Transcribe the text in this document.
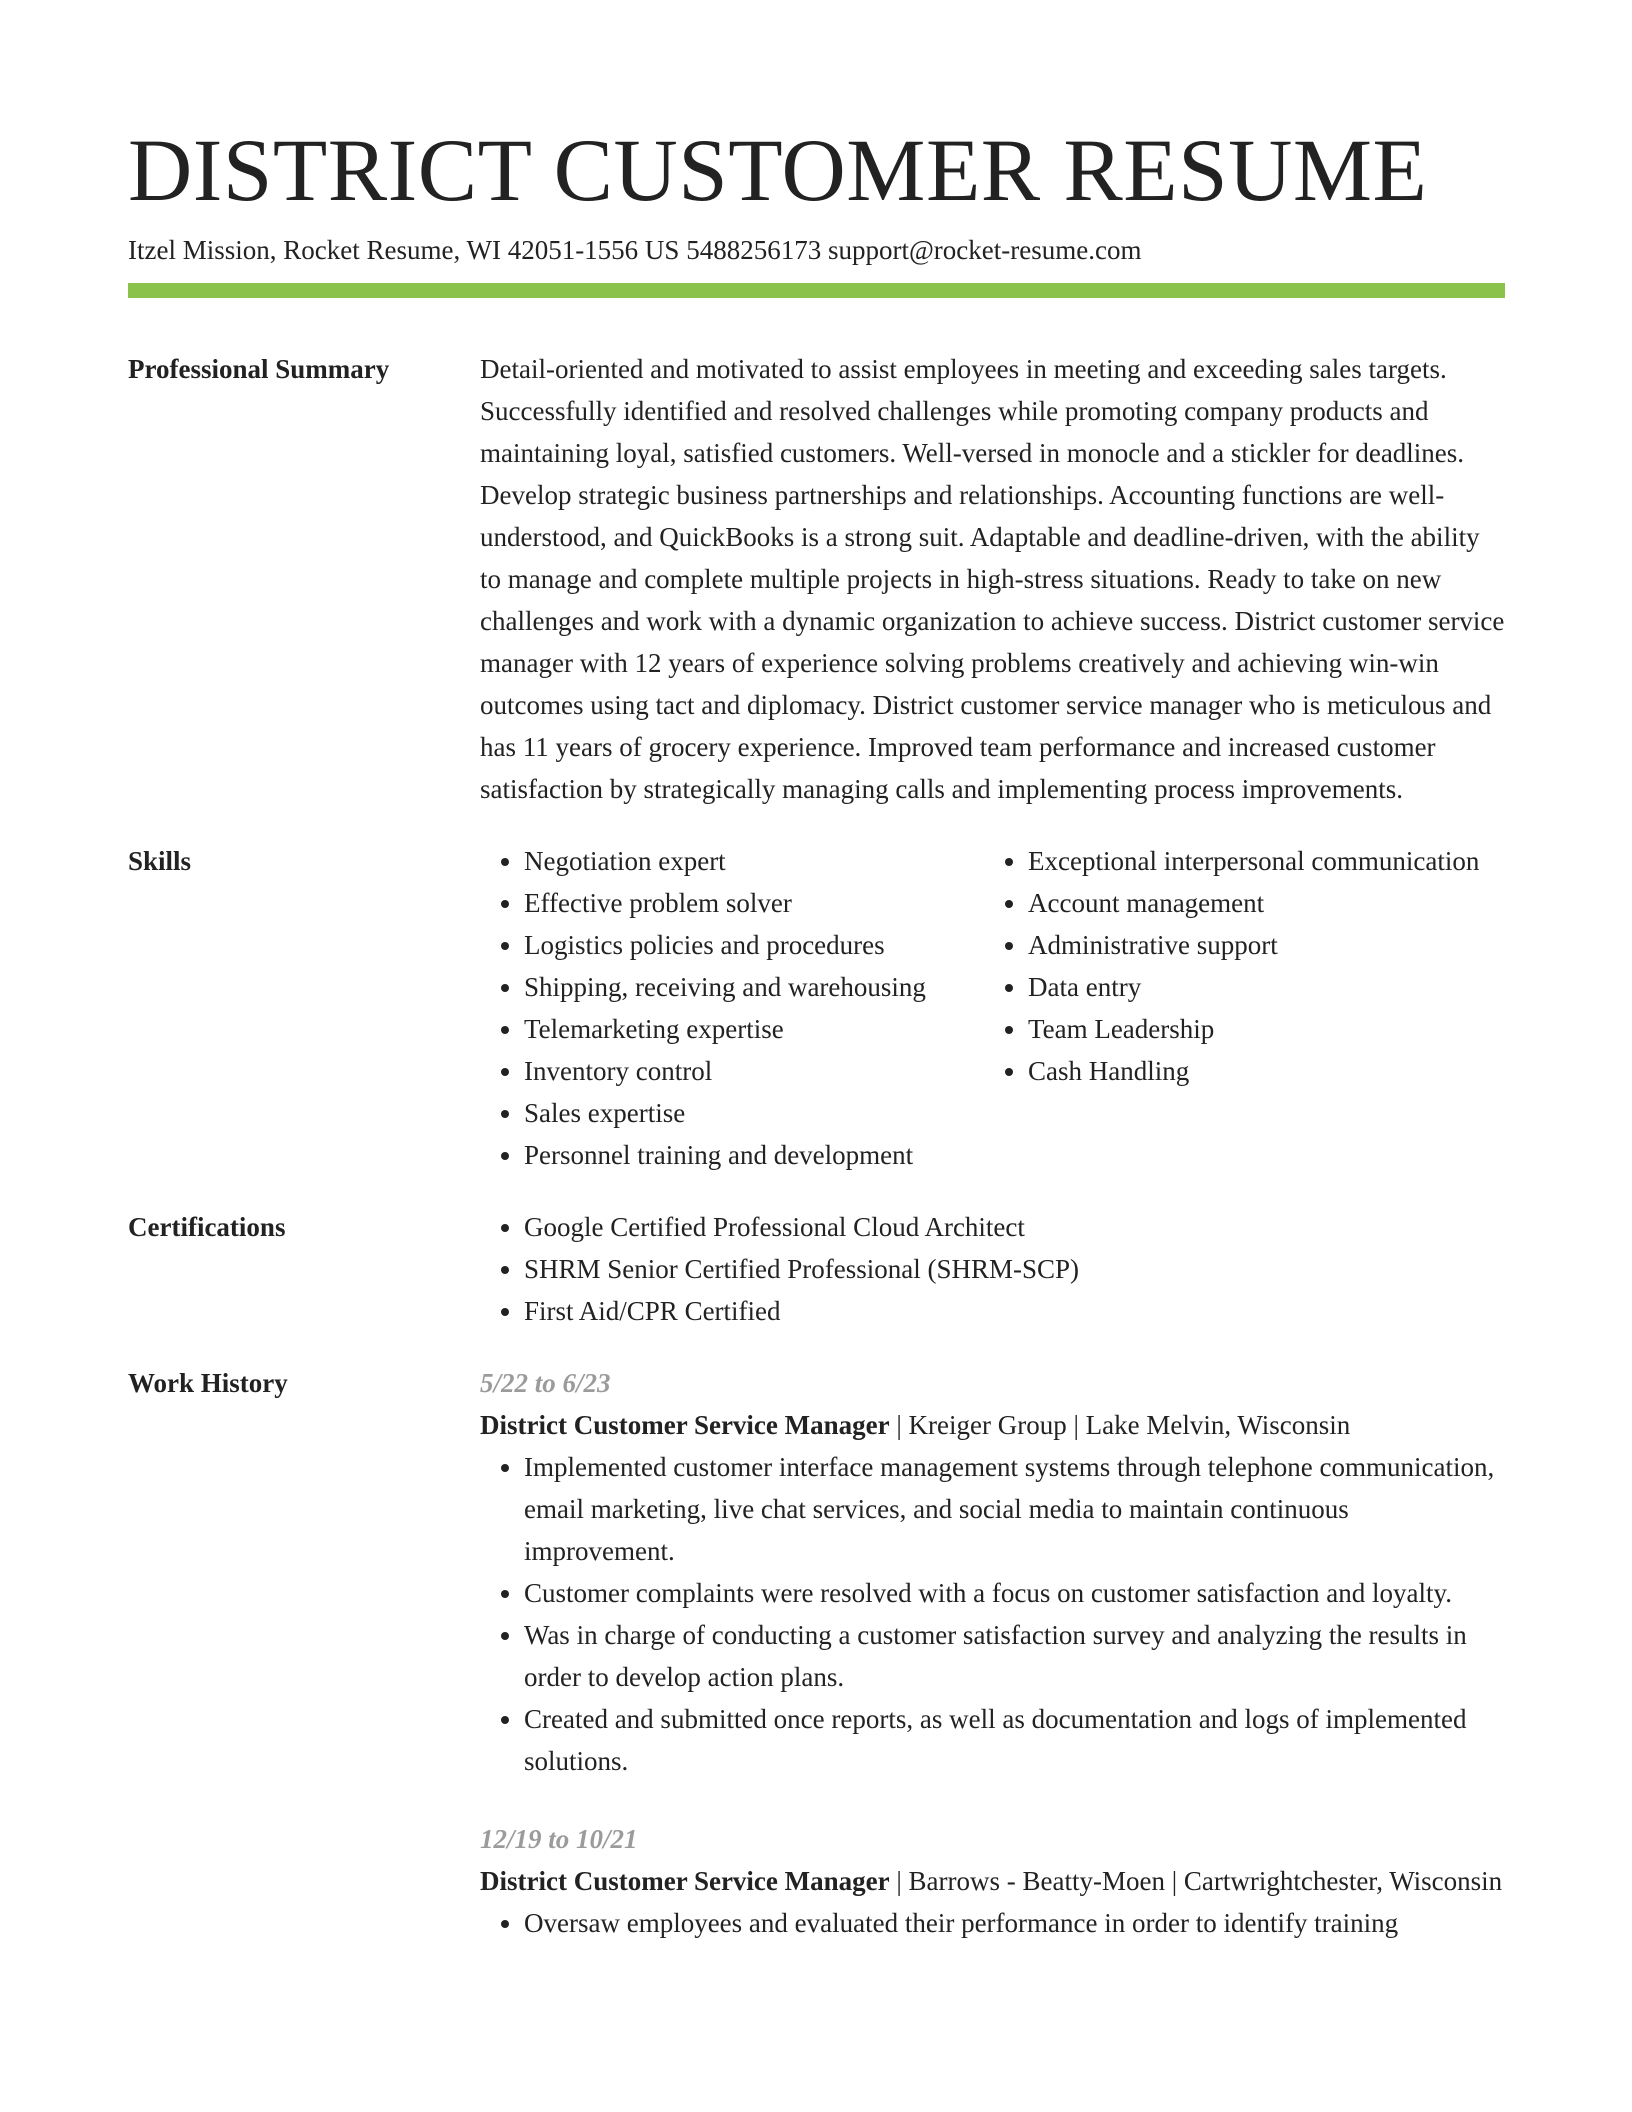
DISTRICT CUSTOMER RESUME
Itzel Mission, Rocket Resume, WI 42051-1556 US 5488256173 support@rocket-resume.com
Professional Summary	Detail-oriented and motivated to assist employees in meeting and exceeding sales targets. Successfully identified and resolved challenges while promoting company products and maintaining loyal, satisfied customers. Well-versed in monocle and a stickler for deadlines. Develop strategic business partnerships and relationships. Accounting functions are well-understood, and QuickBooks is a strong suit. Adaptable and deadline-driven, with the ability to manage and complete multiple projects in high-stress situations. Ready to take on new challenges and work with a dynamic organization to achieve success. District customer service manager with 12 years of experience solving problems creatively and achieving win-win outcomes using tact and diplomacy. District customer service manager who is meticulous and has 11 years of grocery experience. Improved team performance and increased customer satisfaction by strategically managing calls and implementing process improvements.

Skills	• Negotiation expert
• Effective problem solver
• Logistics policies and procedures
• Shipping, receiving and warehousing
• Telemarketing expertise
• Inventory control
• Sales expertise
• Personnel training and development
• Exceptional interpersonal communication
• Account management
• Administrative support
• Data entry
• Team Leadership
• Cash Handling
Certifications	• Google Certified Professional Cloud Architect
• SHRM Senior Certified Professional (SHRM-SCP)
• First Aid/CPR Certified
Work History	5/22 to 6/23

District Customer Service Manager | Kreiger Group | Lake Melvin, Wisconsin

• Implemented customer interface management systems through telephone communication, email marketing, live chat services, and social media to maintain continuous improvement.
• Customer complaints were resolved with a focus on customer satisfaction and loyalty.
• Was in charge of conducting a customer satisfaction survey and analyzing the results in order to develop action plans.
• Created and submitted once reports, as well as documentation and logs of implemented solutions.
12/19 to 10/21

District Customer Service Manager | Barrows - Beatty-Moen | Cartwrightchester, Wisconsin

• Oversaw employees and evaluated their performance in order to identify training
